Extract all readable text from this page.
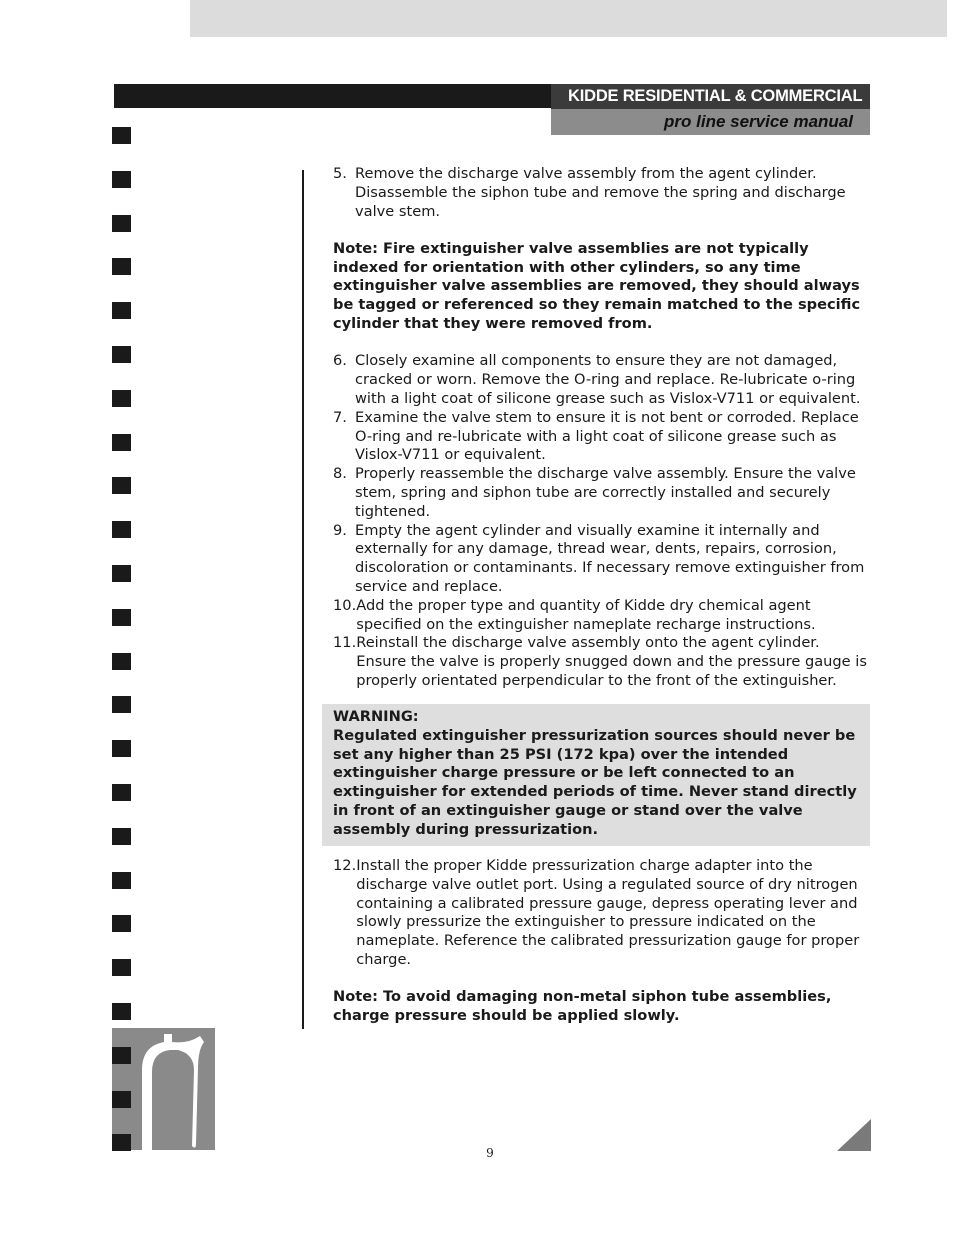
KIDDE RESIDENTIAL & COMMERCIAL
pro line service manual
5. Remove the discharge valve assembly from the agent cylinder. Disassemble the siphon tube and remove the spring and discharge valve stem.
Note: Fire extinguisher valve assemblies are not typically indexed for orientation with other cylinders, so any time extinguisher valve assemblies are removed, they should always be tagged or referenced so they remain matched to the specific cylinder that they were removed from.
6. Closely examine all components to ensure they are not damaged, cracked or worn. Remove the O-ring and replace. Re-lubricate o-ring with a light coat of silicone grease such as Vislox-V711 or equivalent.
7. Examine the valve stem to ensure it is not bent or corroded. Replace O-ring and re-lubricate with a light coat of silicone grease such as Vislox-V711 or equivalent.
8. Properly reassemble the discharge valve assembly. Ensure the valve stem, spring and siphon tube are correctly installed and securely tightened.
9. Empty the agent cylinder and visually examine it internally and externally for any damage, thread wear, dents, repairs, corrosion, discoloration or contaminants. If necessary remove extinguisher from service and replace.
10. Add the proper type and quantity of Kidde dry chemical agent specified on the extinguisher nameplate recharge instructions.
11. Reinstall the discharge valve assembly onto the agent cylinder. Ensure the valve is properly snugged down and the pressure gauge is properly orientated perpendicular to the front of the extinguisher.
WARNING:
Regulated extinguisher pressurization sources should never be set any higher than 25 PSI (172 kpa) over the intended extinguisher charge pressure or be left connected to an extinguisher for extended periods of time. Never stand directly in front of an extinguisher gauge or stand over the valve assembly during pressurization.
12. Install the proper Kidde pressurization charge adapter into the discharge valve outlet port. Using a regulated source of dry nitrogen containing a calibrated pressure gauge, depress operating lever and slowly pressurize the extinguisher to pressure indicated on the nameplate. Reference the calibrated pressurization gauge for proper charge.
Note: To avoid damaging non-metal siphon tube assemblies, charge pressure should be applied slowly.
9
